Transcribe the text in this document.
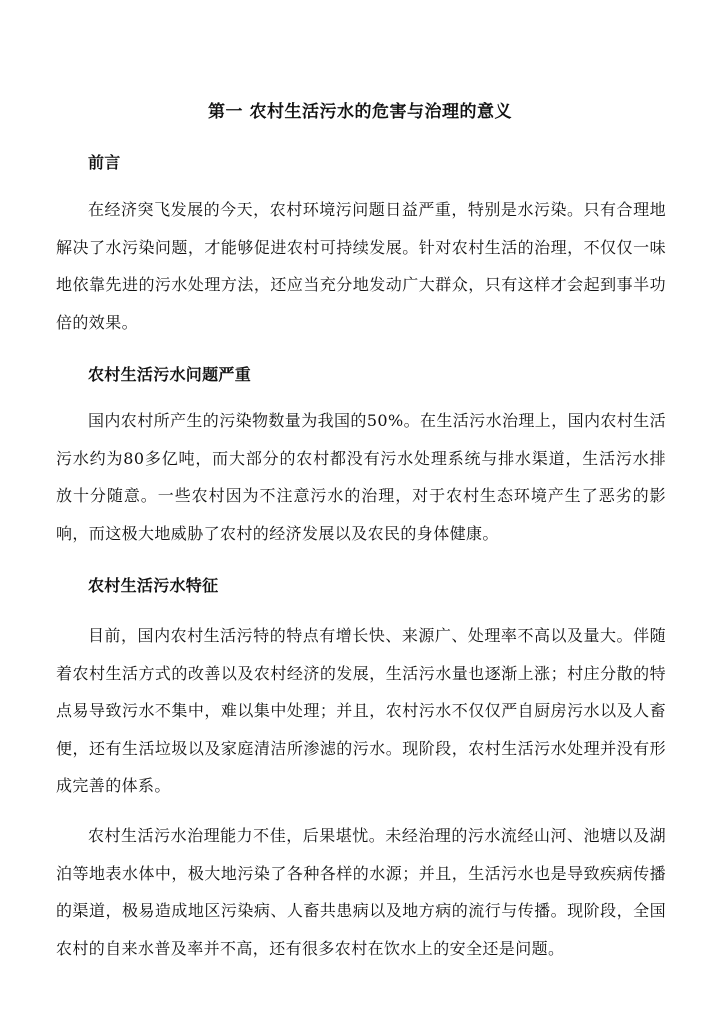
第一 农村生活污水的危害与治理的意义
前言

在经济突飞发展的今天，农村环境污问题日益严重，特别是水污染。只有合理地解决了水污染问题，才能够促进农村可持续发展。针对农村生活的治理，不仅仅一味地依靠先进的污水处理方法，还应当充分地发动广大群众，只有这样才会起到事半功倍的效果。

农村生活污水问题严重

国内农村所产生的污染物数量为我国的50%。在生活污水治理上，国内农村生活污水约为80多亿吨，而大部分的农村都没有污水处理系统与排水渠道，生活污水排放十分随意。一些农村因为不注意污水的治理，对于农村生态环境产生了恶劣的影响，而这极大地威胁了农村的经济发展以及农民的身体健康。

农村生活污水特征

目前，国内农村生活污特的特点有增长快、来源广、处理率不高以及量大。伴随着农村生活方式的改善以及农村经济的发展，生活污水量也逐渐上涨；村庄分散的特点易导致污水不集中，难以集中处理；并且，农村污水不仅仅严自厨房污水以及人畜便，还有生活垃圾以及家庭清洁所渗滤的污水。现阶段，农村生活污水处理并没有形成完善的体系。

农村生活污水治理能力不佳，后果堪忧。未经治理的污水流经山河、池塘以及湖泊等地表水体中，极大地污染了各种各样的水源；并且，生活污水也是导致疾病传播的渠道，极易造成地区污染病、人畜共患病以及地方病的流行与传播。现阶段，全国农村的自来水普及率并不高，还有很多农村在饮水上的安全还是问题。
